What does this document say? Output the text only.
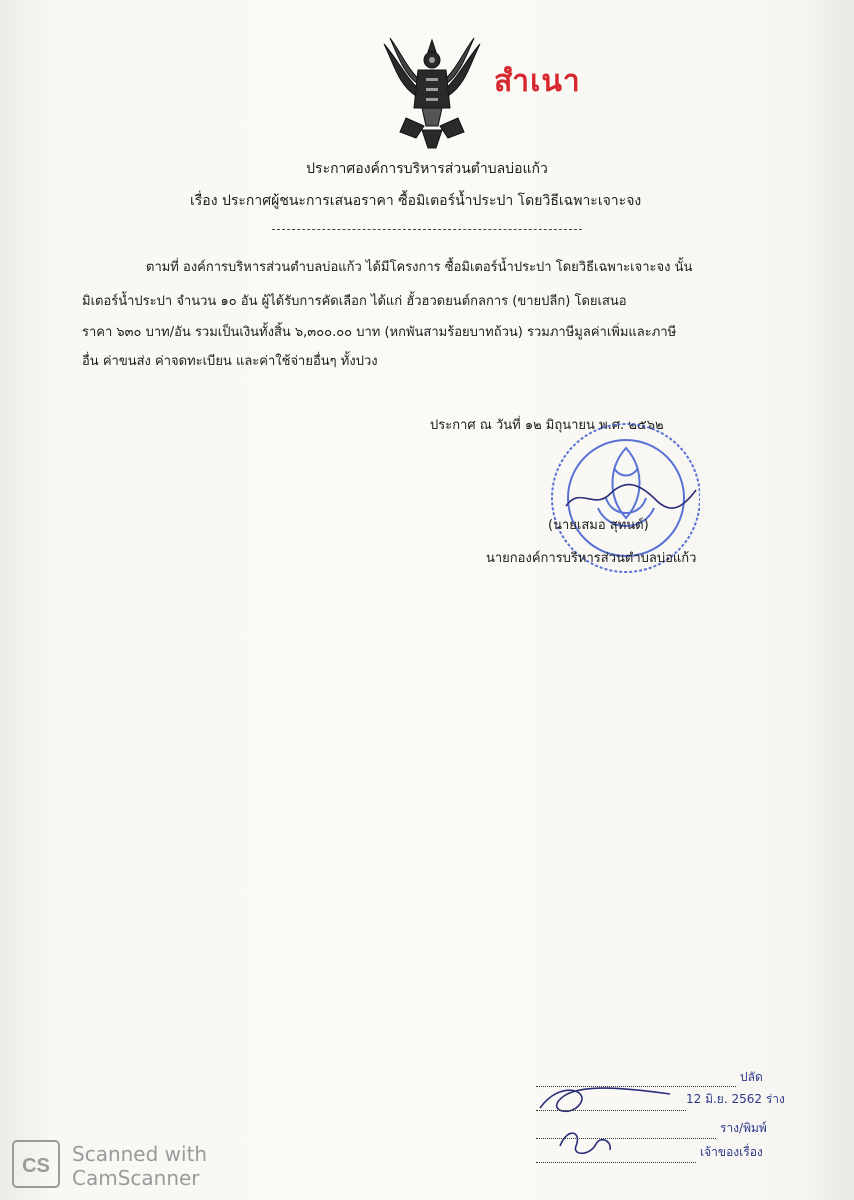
สำเนา
ประกาศองค์การบริหารส่วนตำบลบ่อแก้ว
เรื่อง ประกาศผู้ชนะการเสนอราคา ซื้อมิเตอร์น้ำประปา โดยวิธีเฉพาะเจาะจง
ตามที่ องค์การบริหารส่วนตำบลบ่อแก้ว ได้มีโครงการ ซื้อมิเตอร์น้ำประปา โดยวิธีเฉพาะเจาะจง นั้น
มิเตอร์น้ำประปา จำนวน ๑๐ อัน ผู้ได้รับการคัดเลือก ได้แก่ ฮั้วฮวดยนต์กลการ (ขายปลีก) โดยเสนอ
ราคา ๖๓๐ บาท/อัน รวมเป็นเงินทั้งสิ้น ๖,๓๐๐.๐๐ บาท (หกพันสามร้อยบาทถ้วน) รวมภาษีมูลค่าเพิ่มและภาษี
อื่น ค่าขนส่ง ค่าจดทะเบียน และค่าใช้จ่ายอื่นๆ ทั้งปวง
ประกาศ ณ วันที่ ๑๒ มิถุนายน พ.ศ. ๒๕๖๒
(นายเสมอ สุทนต์)
นายกองค์การบริหารส่วนตำบลบ่อแก้ว
ปลัด
12 มิ.ย. 2562 ร่าง
ราง/พิมพ์
เจ้าของเรื่อง
CS Scanned with
CamScanner
